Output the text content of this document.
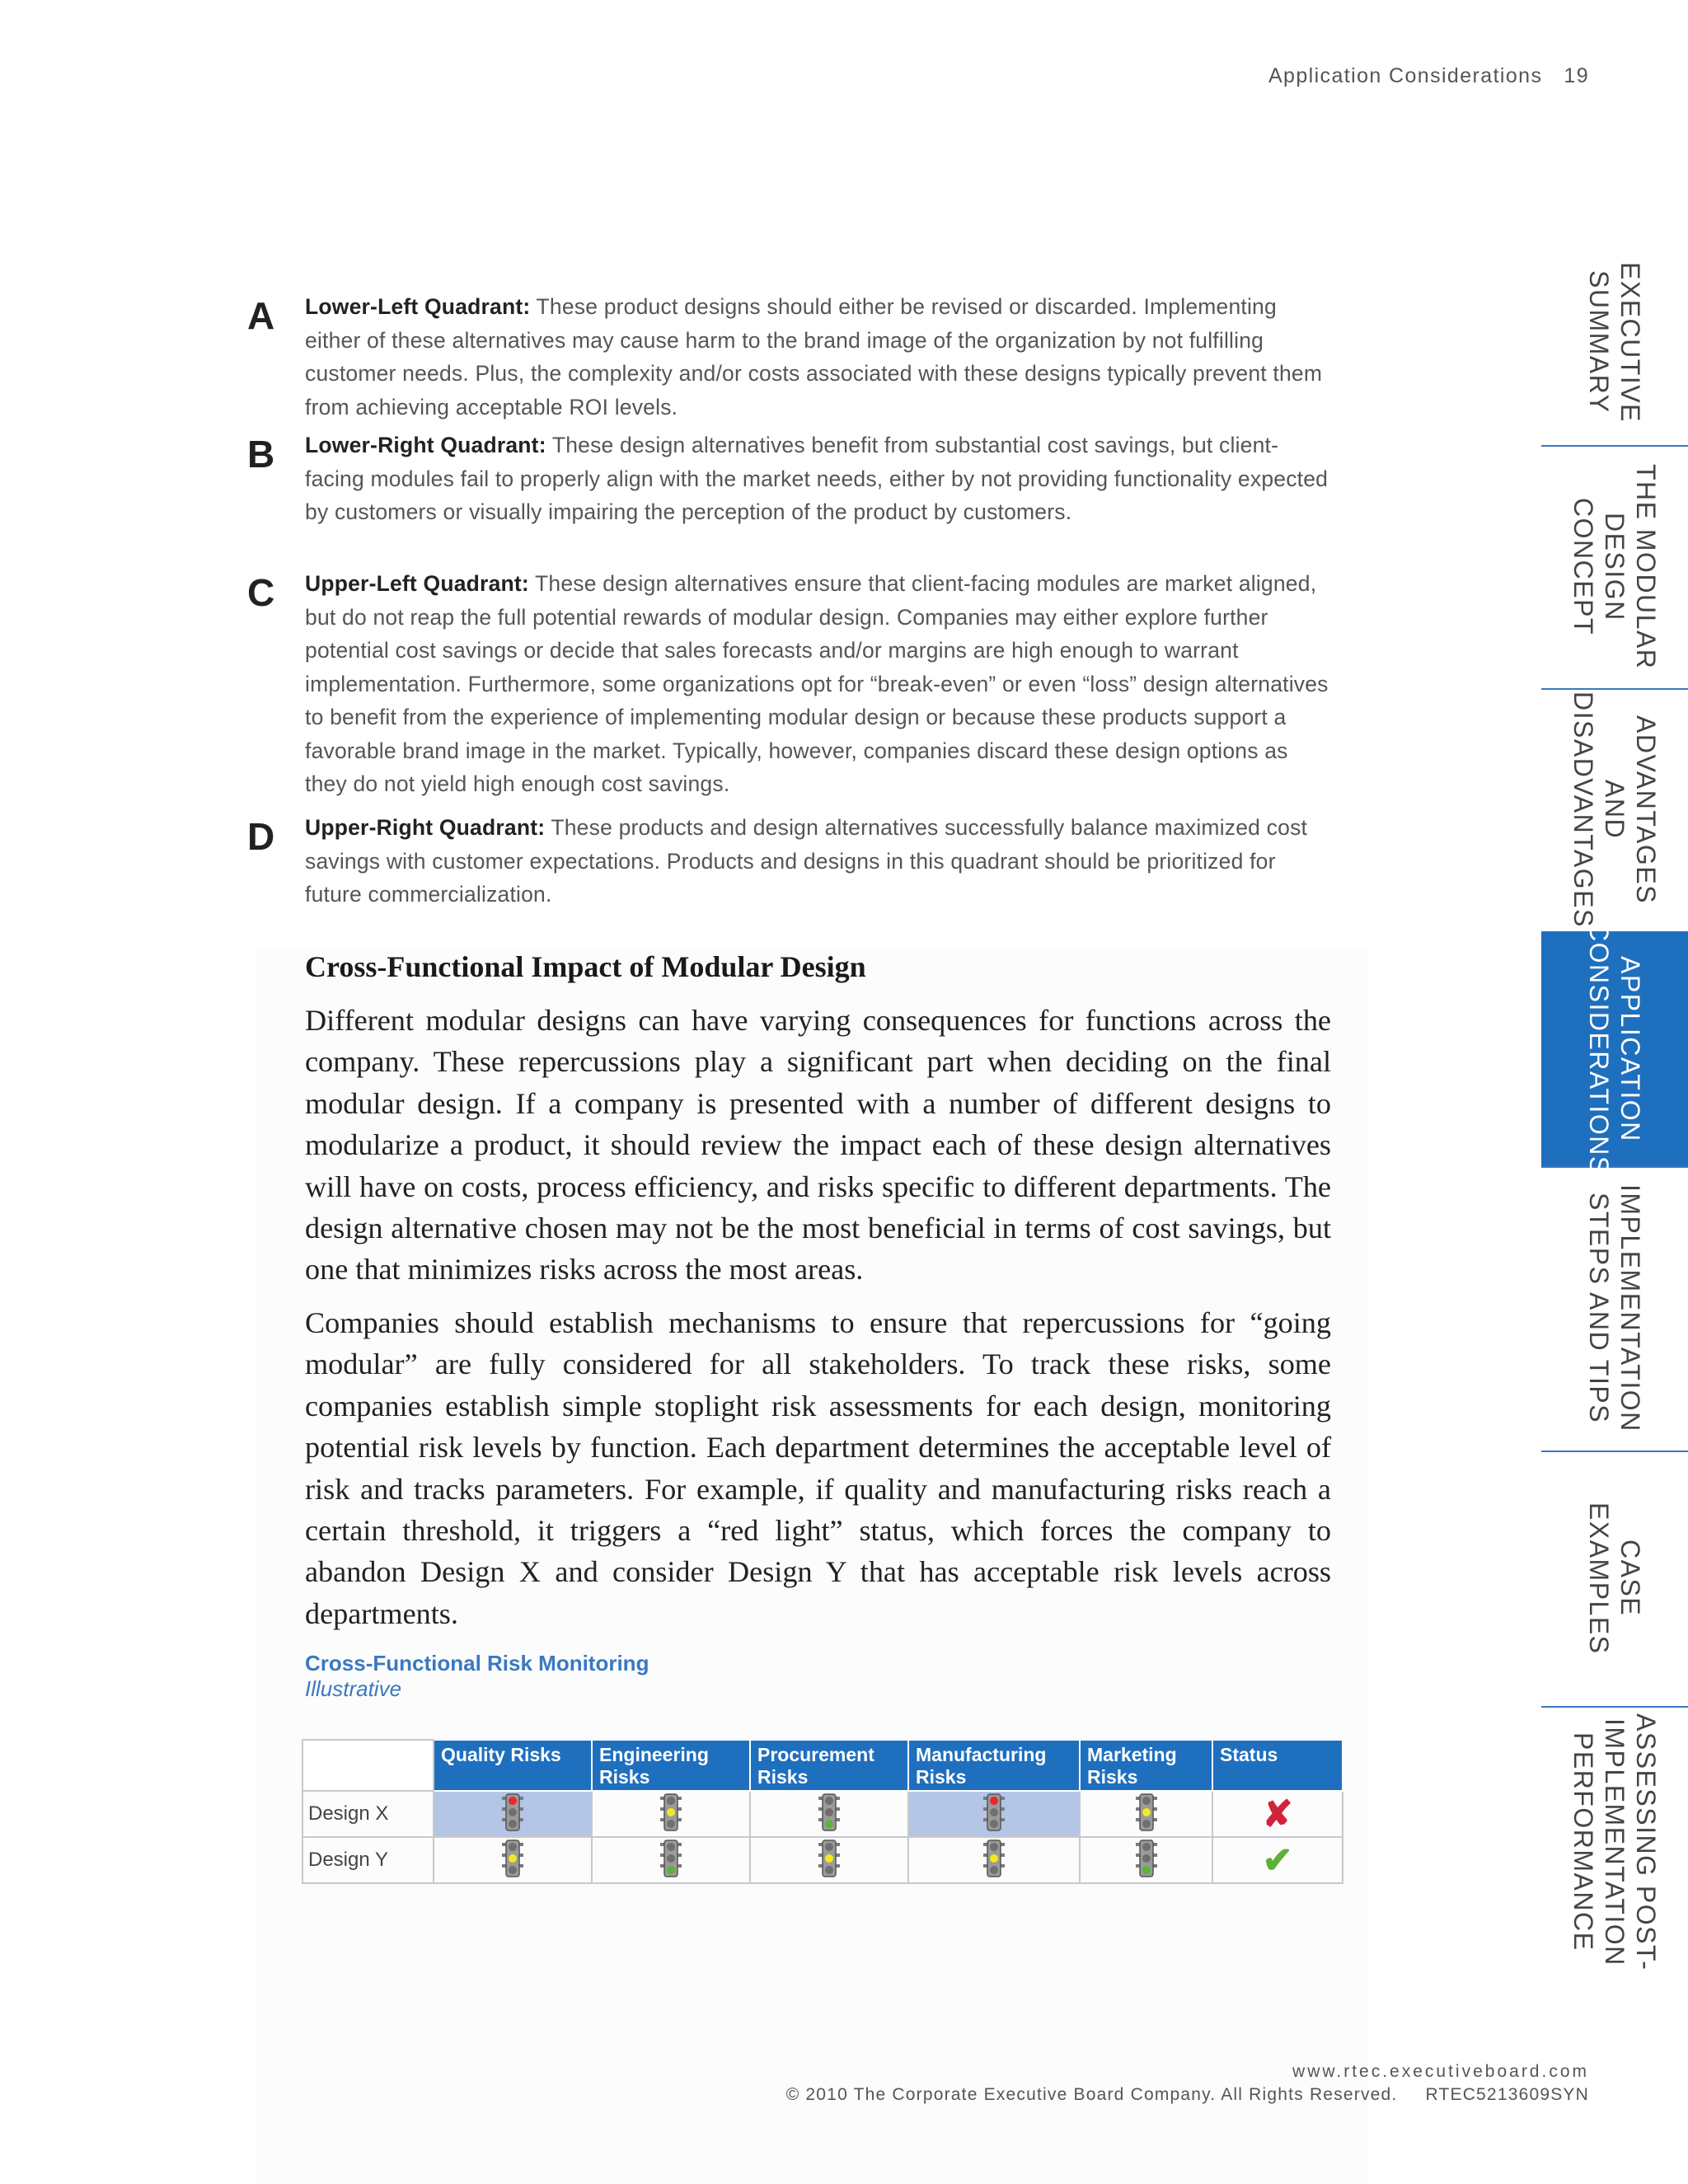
Application Considerations 19
A Lower-Left Quadrant: These product designs should either be revised or discarded. Implementing either of these alternatives may cause harm to the brand image of the organization by not fulfilling customer needs. Plus, the complexity and/or costs associated with these designs typically prevent them from achieving acceptable ROI levels.
B Lower-Right Quadrant: These design alternatives benefit from substantial cost savings, but client-facing modules fail to properly align with the market needs, either by not providing functionality expected by customers or visually impairing the perception of the product by customers.
C Upper-Left Quadrant: These design alternatives ensure that client-facing modules are market aligned, but do not reap the full potential rewards of modular design. Companies may either explore further potential cost savings or decide that sales forecasts and/or margins are high enough to warrant implementation. Furthermore, some organizations opt for “break-even” or even “loss” design alternatives to benefit from the experience of implementing modular design or because these products support a favorable brand image in the market. Typically, however, companies discard these design options as they do not yield high enough cost savings.
D Upper-Right Quadrant: These products and design alternatives successfully balance maximized cost savings with customer expectations. Products and designs in this quadrant should be prioritized for future commercialization.
Cross-Functional Impact of Modular Design

Different modular designs can have varying consequences for functions across the company. These repercussions play a significant part when deciding on the final modular design. If a company is presented with a number of different designs to modularize a product, it should review the impact each of these design alternatives will have on costs, process efficiency, and risks specific to different departments. The design alternative chosen may not be the most beneficial in terms of cost savings, but one that minimizes risks across the most areas.

Companies should establish mechanisms to ensure that repercussions for “going modular” are fully considered for all stakeholders. To track these risks, some companies establish simple stoplight risk assessments for each design, monitoring potential risk levels by function. Each department determines the acceptable level of risk and tracks parameters. For example, if quality and manufacturing risks reach a certain threshold, it triggers a “red light” status, which forces the company to abandon Design X and consider Design Y that has acceptable risk levels across departments.

Cross-Functional Risk Monitoring
Illustrative
	Quality Risks	Engineering Risks	Procurement Risks	Manufacturing Risks	Marketing Risks	Status
Design X						✘
Design Y						✔
EXECUTIVE
SUMMARY
THE MODULAR
DESIGN CONCEPT
ADVANTAGES
AND
DISADVANTAGES
APPLICATION
CONSIDERATIONS
IMPLEMENTATION
STEPS AND TIPS
CASE
EXAMPLES
ASSESSING POST-
IMPLEMENTATION
PERFORMANCE
www.rtec.executiveboard.com
© 2010 The Corporate Executive Board Company. All Rights Reserved. RTEC5213609SYN
